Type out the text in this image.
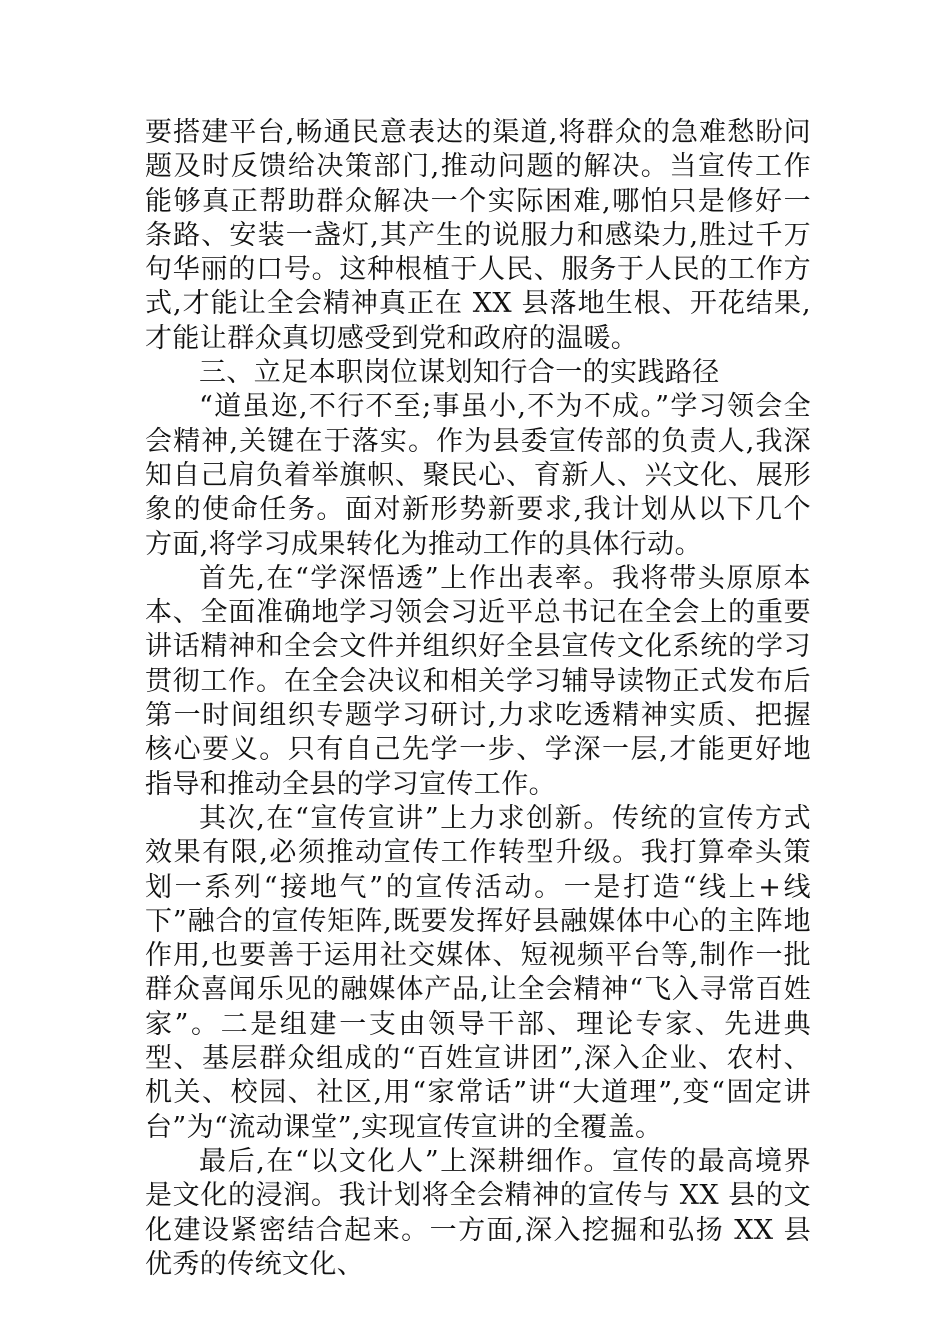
要搭建平台,畅通民意表达的渠道,将群众的急难愁盼问题及时反馈给决策部门,推动问题的解决。当宣传工作能够真正帮助群众解决一个实际困难,哪怕只是修好一条路、安装一盏灯,其产生的说服力和感染力,胜过千万句华丽的口号。这种根植于人民、服务于人民的工作方式,才能让全会精神真正在 XX 县落地生根、开花结果,才能让群众真切感受到党和政府的温暖。

三、立足本职岗位谋划知行合一的实践路径

“道虽迩,不行不至;事虽小,不为不成。”学习领会全会精神,关键在于落实。作为县委宣传部的负责人,我深知自己肩负着举旗帜、聚民心、育新人、兴文化、展形象的使命任务。面对新形势新要求,我计划从以下几个方面,将学习成果转化为推动工作的具体行动。

首先,在“学深悟透”上作出表率。我将带头原原本本、全面准确地学习领会习近平总书记在全会上的重要讲话精神和全会文件并组织好全县宣传文化系统的学习贯彻工作。在全会决议和相关学习辅导读物正式发布后第一时间组织专题学习研讨,力求吃透精神实质、把握核心要义。只有自己先学一步、学深一层,才能更好地指导和推动全县的学习宣传工作。

其次,在“宣传宣讲”上力求创新。传统的宣传方式效果有限,必须推动宣传工作转型升级。我打算牵头策划一系列“接地气”的宣传活动。一是打造“线上+线下”融合的宣传矩阵,既要发挥好县融媒体中心的主阵地作用,也要善于运用社交媒体、短视频平台等,制作一批群众喜闻乐见的融媒体产品,让全会精神“飞入寻常百姓家”。二是组建一支由领导干部、理论专家、先进典型、基层群众组成的“百姓宣讲团”,深入企业、农村、机关、校园、社区,用“家常话”讲“大道理”,变“固定讲台”为“流动课堂”,实现宣传宣讲的全覆盖。

最后,在“以文化人”上深耕细作。宣传的最高境界是文化的浸润。我计划将全会精神的宣传与 XX 县的文化建设紧密结合起来。一方面,深入挖掘和弘扬 XX 县优秀的传统文化、
